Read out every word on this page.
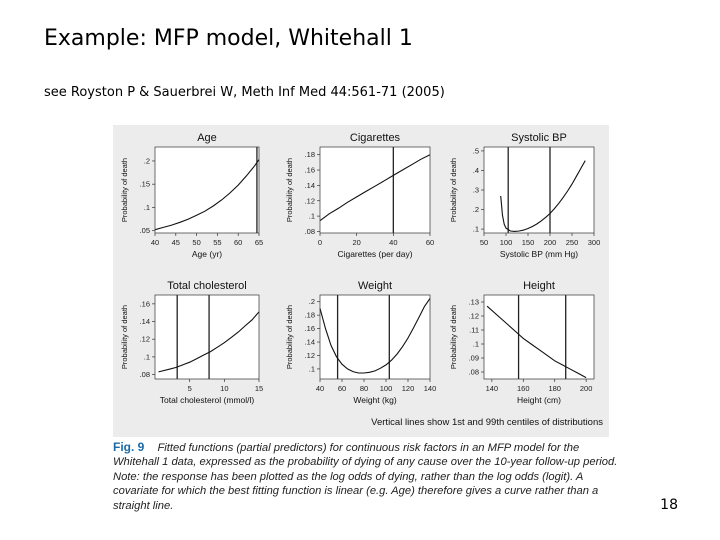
Example: MFP model, Whitehall 1
see Royston P & Sauerbrei W, Meth Inf Med 44:561-71 (2005)
Vertical lines show 1st and 99th centiles of distributions
Age
40 45 50 55 60 65
.05
.1
.15
.2
Age (yr)
Probability of death
Cigarettes
0	20	40	60
.08
.1
.12
.14
.16
.18
Cigarettes (per day)
Probability of death
Systolic BP
50 100 150 200 250 300
.1
.2
.3
.4
.5
Systolic BP (mm Hg)
Probability of death
Total cholesterol
5	10	15
.08
.1
.12
.14
.16
Total cholesterol (mmol/l)
Probability of death
Weight
40 60 80 100 120 140
.1
.12
.14
.16
.18
.2
Weight (kg)
Probability of death
Height
140	160	180	200
.08
.09
.1
.11
.12
.13
Height (cm)
Probability of death
Fig. 9 Fitted functions (partial predictors) for continuous risk factors in an MFP model for the Whitehall 1 data, expressed as the probability of dying of any cause over the 10-year follow-up period. Note: the response has been plotted as the log odds of dying, rather than the log odds (logit). A covariate for which the best fitting function is linear (e.g. Age) therefore gives a curve rather than a straight line.	18
